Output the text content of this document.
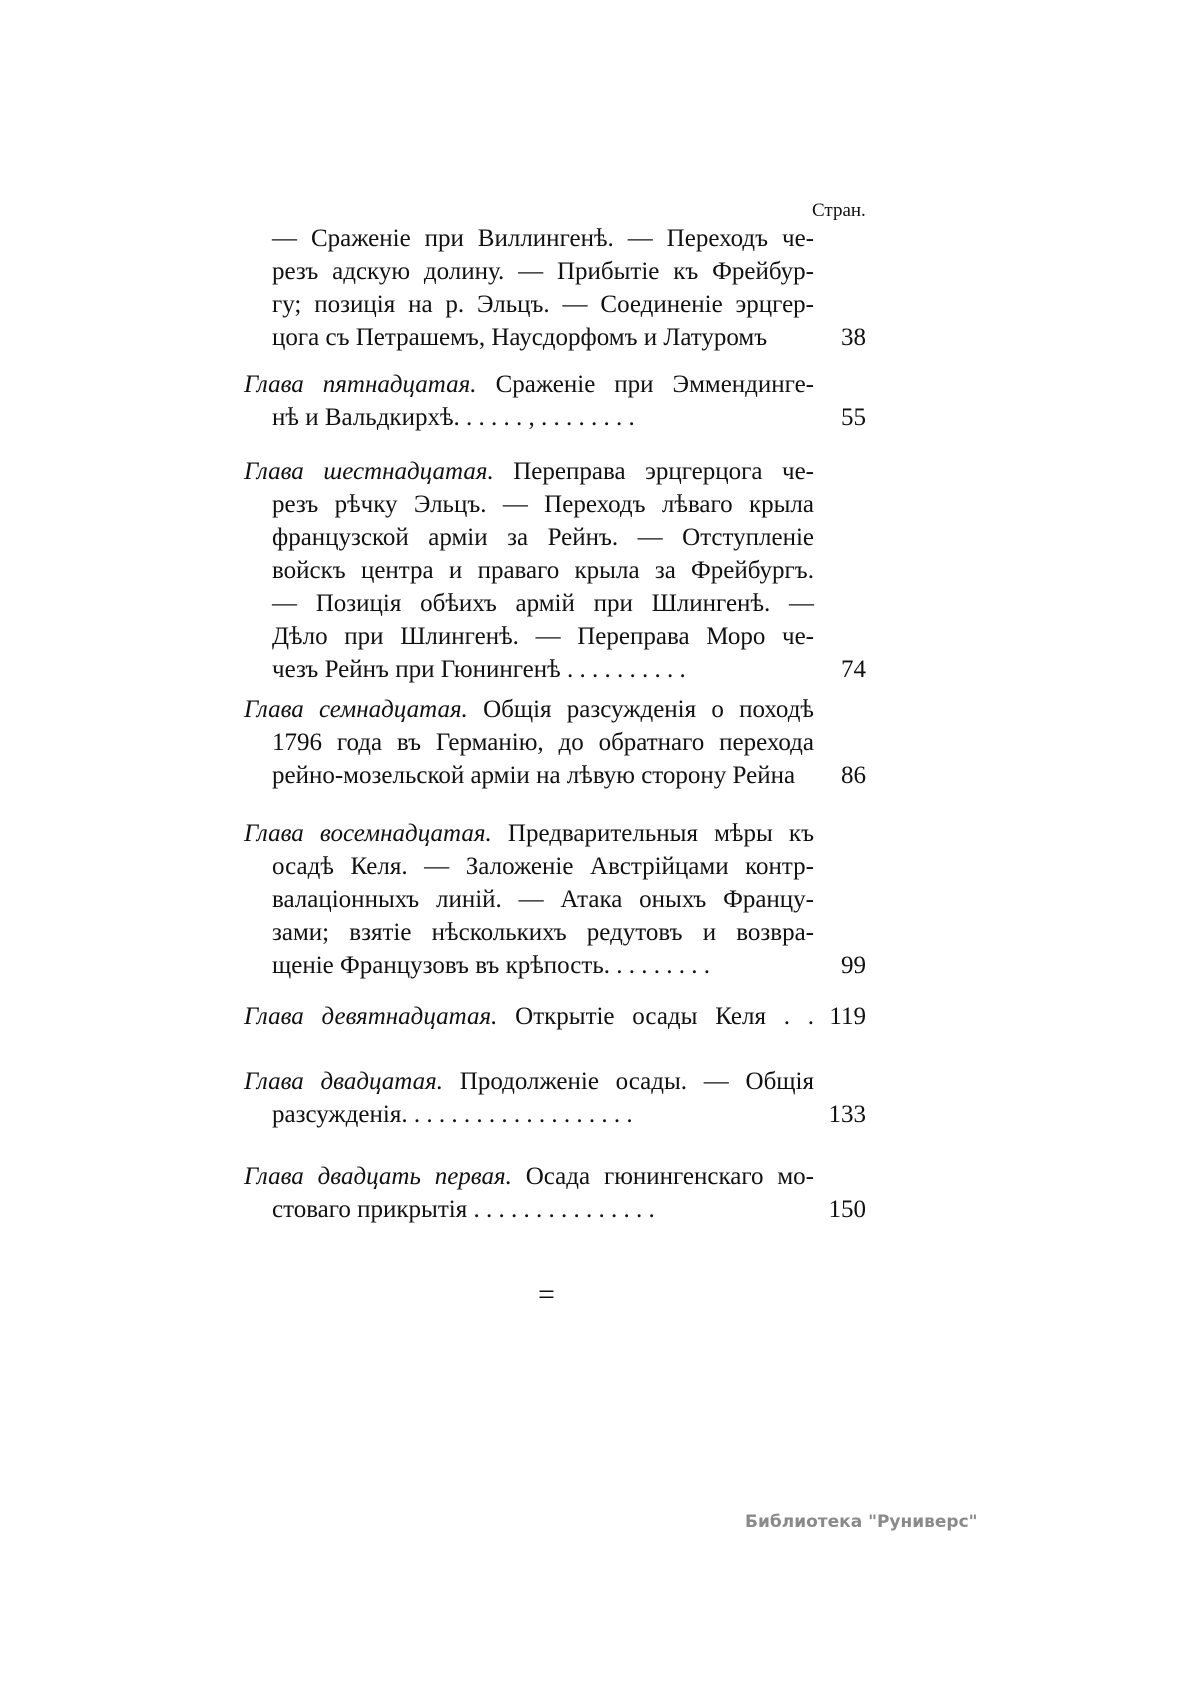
Стран.
— Сраженіе при Виллингенѣ. — Переходъ че-
резъ адскую долину. — Прибытіе къ Фрейбур-
гу; позиція на р. Эльцъ. — Соединеніе эрцгер-
цога съ Петрашемъ, Наусдорфомъ и Латуромъ	38
Глава пятнадцатая. Сраженіе при Эммендинге-
нѣ и Вальдкирхѣ. . . . . . , . . . . . . . .	55
Глава шестнадцатая. Переправа эрцгерцога че-
резъ рѣчку Эльцъ. — Переходъ лѣваго крыла
французской арміи за Рейнъ. — Отступленіе
войскъ центра и праваго крыла за Фрейбургъ.
— Позиція обѣихъ армій при Шлингенѣ. —
Дѣло при Шлингенѣ. — Переправа Моро че-
чезъ Рейнъ при Гюнингенѣ . . . . . . . . . .	74
Глава семнадцатая. Общія разсужденія о походѣ
1796 года въ Германію, до обратнаго перехода
рейно-мозельской арміи на лѣвую сторону Рейна	86
Глава восемнадцатая. Предварительныя мѣры къ
осадѣ Келя. — Заложеніе Австрійцами контр-
валаціонныхъ линій. — Атака оныхъ Францу-
зами; взятіе нѣсколькихъ редутовъ и возвра-
щеніе Французовъ въ крѣпость. . . . . . . . .	99
Глава девятнадцатая. Открытіе осады Келя . . 119
Глава двадцатая. Продолженіе осады. — Общія
разсужденія. . . . . . . . . . . . . . . . . . .	133
Глава двадцать первая. Осада гюнингенскаго мо-
стоваго прикрытія . . . . . . . . . . . . . . .	150
=
Библиотека "Руниверс"
